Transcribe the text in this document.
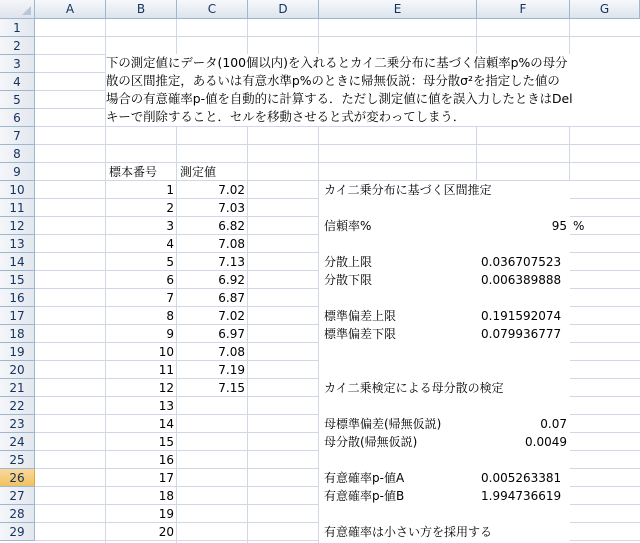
A	B	C	D	E	F	G
1
2
3
4
5
6
7
8
9
10
11
12
13
14
15
16
17
18
19
20
21
22
23
24
25
26
27
28
29
下の測定値にデータ(100個以内)を入れるとカイ二乗分布に基づく信頼率p%の母分
散の区間推定，あるいは有意水準p%のときに帰無仮説：母分散σ²を指定した値の
場合の有意確率p-値を自動的に計算する．ただし測定値に値を誤入力したときはDel
キーで削除すること．セルを移動させると式が変わってしまう．
標本番号 測定値
1	7.02
2	7.03
3	6.82
4	7.08
5	7.13
6	6.92
7	6.87
8	7.02
9	6.97
10	7.08
11	7.19
12	7.15
13
14
15
16
17
18
19
20
カイ二乗分布に基づく区間推定
信頼率%	95 %
分散上限	0.036707523
分散下限	0.006389888
標準偏差上限	0.191592074
標準偏差下限	0.079936777
カイ二乗検定による母分散の検定
母標準偏差(帰無仮説)	0.07
母分散(帰無仮説)	0.0049
有意確率p-値A	0.005263381
有意確率p-値B	1.994736619
有意確率は小さい方を採用する
